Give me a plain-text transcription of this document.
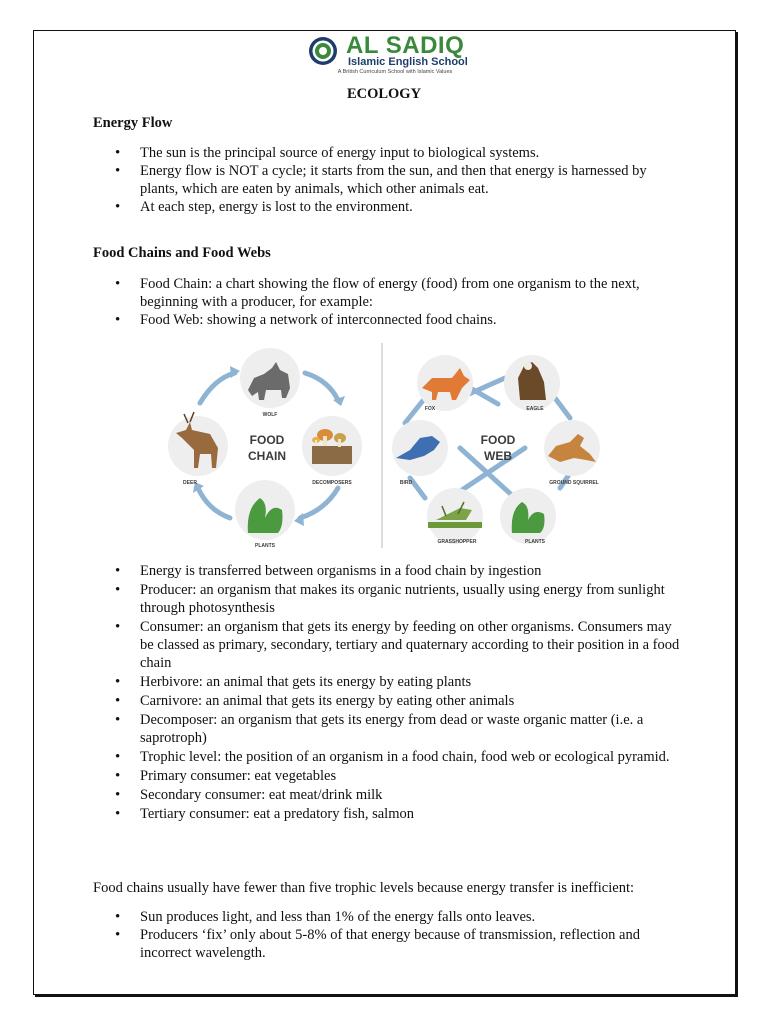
AL SADIQ
Islamic English School
A British Curriculum School with Islamic Values
ECOLOGY
Energy Flow
• The sun is the principal source of energy input to biological systems.
• Energy flow is NOT a cycle; it starts from the sun, and then that energy is harnessed by plants, which are eaten by animals, which other animals eat.
• At each step, energy is lost to the environment.
Food Chains and Food Webs
• Food Chain: a chart showing the flow of energy (food) from one organism to the next, beginning with a producer, for example:
• Food Web: showing a network of interconnected food chains.
WOLF
DECOMPOSERS
PLANTS
DEER
FOOD
CHAIN
FOX	EAGLE
GROUND SQUIRREL
PLANTS
GRASSHOPPER
BIRD
FOOD
WEB
• Energy is transferred between organisms in a food chain by ingestion
• Producer: an organism that makes its organic nutrients, usually using energy from sunlight through photosynthesis
• Consumer: an organism that gets its energy by feeding on other organisms. Consumers may be classed as primary, secondary, tertiary and quaternary according to their position in a food chain
• Herbivore: an animal that gets its energy by eating plants
• Carnivore: an animal that gets its energy by eating other animals
• Decomposer: an organism that gets its energy from dead or waste organic matter (i.e. a saprotroph)
• Trophic level: the position of an organism in a food chain, food web or ecological pyramid.
• Primary consumer: eat vegetables
• Secondary consumer: eat meat/drink milk
• Tertiary consumer: eat a predatory fish, salmon

Food chains usually have fewer than five trophic levels because energy transfer is inefficient:

• Sun produces light, and less than 1% of the energy falls onto leaves.
• Producers ‘fix’ only about 5-8% of that energy because of transmission, reflection and incorrect wavelength.
